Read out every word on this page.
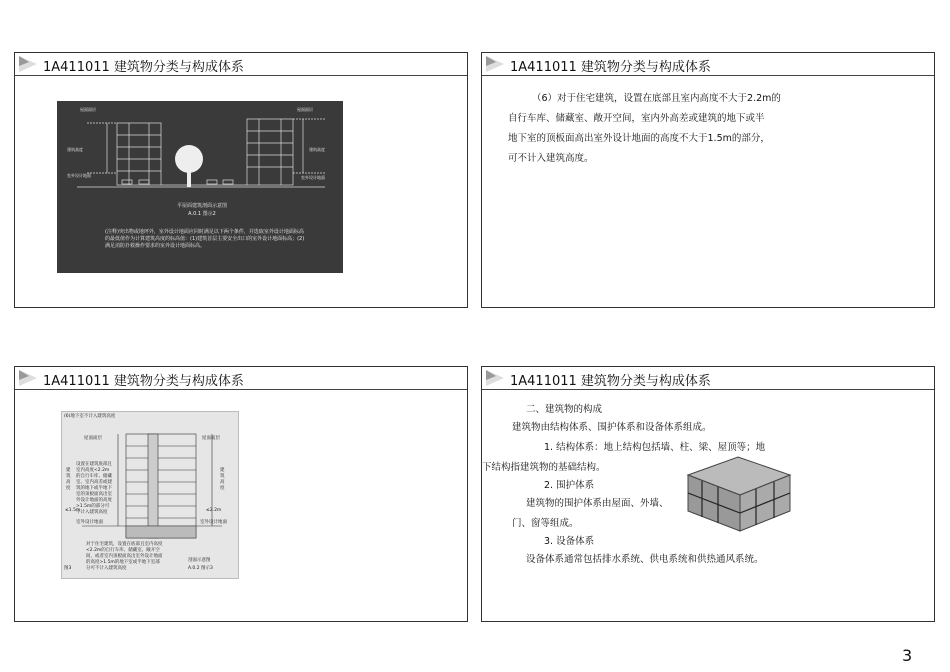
1A411011 建筑物分类与构成体系
屋面面层	屋面面层
建筑高度	建筑高度
室外设计地面	室外设计地面
平屋面建筑剖面示意图
A.0.1 图示2
(注释)突出物或地坪外，室外设计地面应同时满足以下两个条件，并选取室外设计地面标高的最低值作为计算建筑高度的标高值：(1)建筑首层主要安全出口的室外设计地面标高；(2)满足消防扑救操作要求的室外设计地面标高。
1A411011 建筑物分类与构成体系
（6）对于住宅建筑，设置在底部且室内高度不大于2.2m的
自行车库、储藏室、敞开空间，室内外高差或建筑的地下或半
地下室的顶板面高出室外设计地面的高度不大于1.5m的部分，
可不计入建筑高度。
1A411011 建筑物分类与构成体系
(6)地下室不计入建筑高度
屋面面层	屋面面层
建筑高度
建筑高度
室外设计地面	室外设计地面
≤1.5m	≤2.2m
设置在建筑底部且室内高度<2.2m的自行车库、储藏室、室内高差或建筑的地下或半地下室的顶板面高出室外设计地面的高度>1.5m的部分可不计入建筑高度
对于住宅建筑，设置在底部且室内高度<2.2m的自行车库、储藏室、敞开空间，或者室内顶板面高出室外设计地面的高度>1.5m的地下室或半地下室部分可不计入建筑高度
剖面示意图
A.0.2 图示3
图3
1A411011 建筑物分类与构成体系
二、建筑物的构成
建筑物由结构体系、围护体系和设备体系组成。
1. 结构体系：地上结构包括墙、柱、梁、屋顶等；地
下结构指建筑物的基础结构。
2. 围护体系
建筑物的围护体系由屋面、外墙、
门、窗等组成。
3. 设备体系
设备体系通常包括排水系统、供电系统和供热通风系统。
3
